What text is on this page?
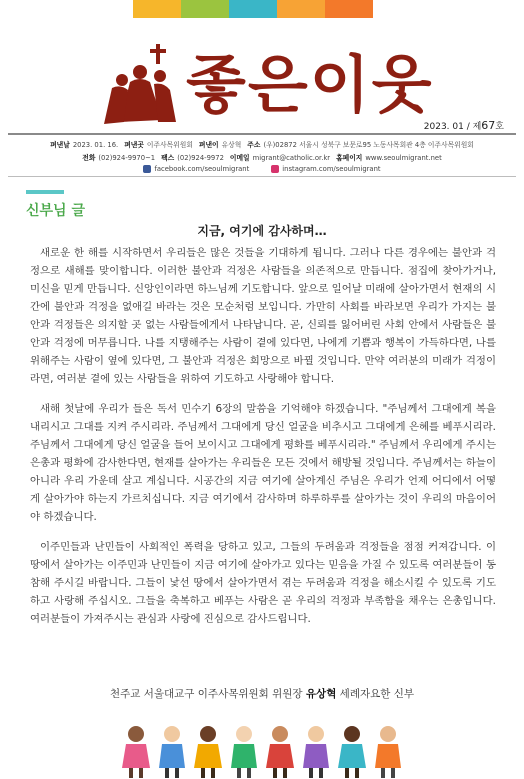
좋은이웃
2023. 01 / 제67호
펴낸날 2023. 01. 16. 펴낸곳 이주사목위원회 펴낸이 유상혁 주소 (우)02872 서울시 성북구 보문로95 노동사목회관 4층 이주사목위원회
전화 (02)924-9970~1 팩스 (02)924-9972 이메일 migrant@catholic.or.kr 홈페이지 www.seoulmigrant.net
facebook.com/seoulmigrant	instagram.com/seoulmigrant
신부님 글
지금, 여기에 감사하며…

새로운 한 해를 시작하면서 우리들은 많은 것들을 기대하게 됩니다. 그러나 다른 경우에는 불안과 걱정으로 새해를 맞이합니다. 이러한 불안과 걱정은 사람들을 의존적으로 만듭니다. 점집에 찾아가거나, 미신을 믿게 만듭니다. 신앙인이라면 하느님께 기도합니다. 앞으로 일어날 미래에 살아가면서 현재의 시간에 불안과 걱정을 없애길 바라는 것은 모순처럼 보입니다. 가만히 사회를 바라보면 우리가 가지는 불안과 걱정들은 의지할 곳 없는 사람들에게서 나타납니다. 곧, 신뢰를 잃어버린 사회 안에서 사람들은 불안과 걱정에 머무릅니다. 나를 지탱해주는 사람이 곁에 있다면, 나에게 기쁨과 행복이 가득하다면, 나를 위해주는 사람이 옆에 있다면, 그 불안과 걱정은 희망으로 바뀔 것입니다. 만약 여러분의 미래가 걱정이라면, 여러분 곁에 있는 사람들을 위하여 기도하고 사랑해야 합니다.

새해 첫날에 우리가 들은 독서 민수기 6장의 말씀을 기억해야 하겠습니다. "주님께서 그대에게 복을 내리시고 그대를 지켜 주시리라. 주님께서 그대에게 당신 얼굴을 비추시고 그대에게 은혜를 베푸시리라. 주님께서 그대에게 당신 얼굴을 들어 보이시고 그대에게 평화를 베푸시리라." 주님께서 우리에게 주시는 은총과 평화에 감사한다면, 현재를 살아가는 우리들은 모든 것에서 해방될 것입니다. 주님께서는 하늘이 아니라 우리 가운데 살고 계십니다. 시공간의 지금 여기에 살아계신 주님은 우리가 언제 어디에서 어떻게 살아가야 하는지 가르치십니다. 지금 여기에서 감사하며 하루하루를 살아가는 것이 우리의 마음이어야 하겠습니다.

이주민들과 난민들이 사회적인 폭력을 당하고 있고, 그들의 두려움과 걱정들을 점점 커져갑니다. 이 땅에서 살아가는 이주민과 난민들이 지금 여기에 살아가고 있다는 믿음을 가질 수 있도록 여러분들이 동참해 주시길 바랍니다. 그들이 낯선 땅에서 살아가면서 겪는 두려움과 걱정을 해소시킬 수 있도록 기도하고 사랑해 주십시오. 그들을 축복하고 베푸는 사람은 곧 우리의 걱정과 부족함을 채우는 은총입니다. 여러분들이 가져주시는 관심과 사랑에 진심으로 감사드립니다.

천주교 서울대교구 이주사목위원회 위원장 유상혁 세례자요한 신부
